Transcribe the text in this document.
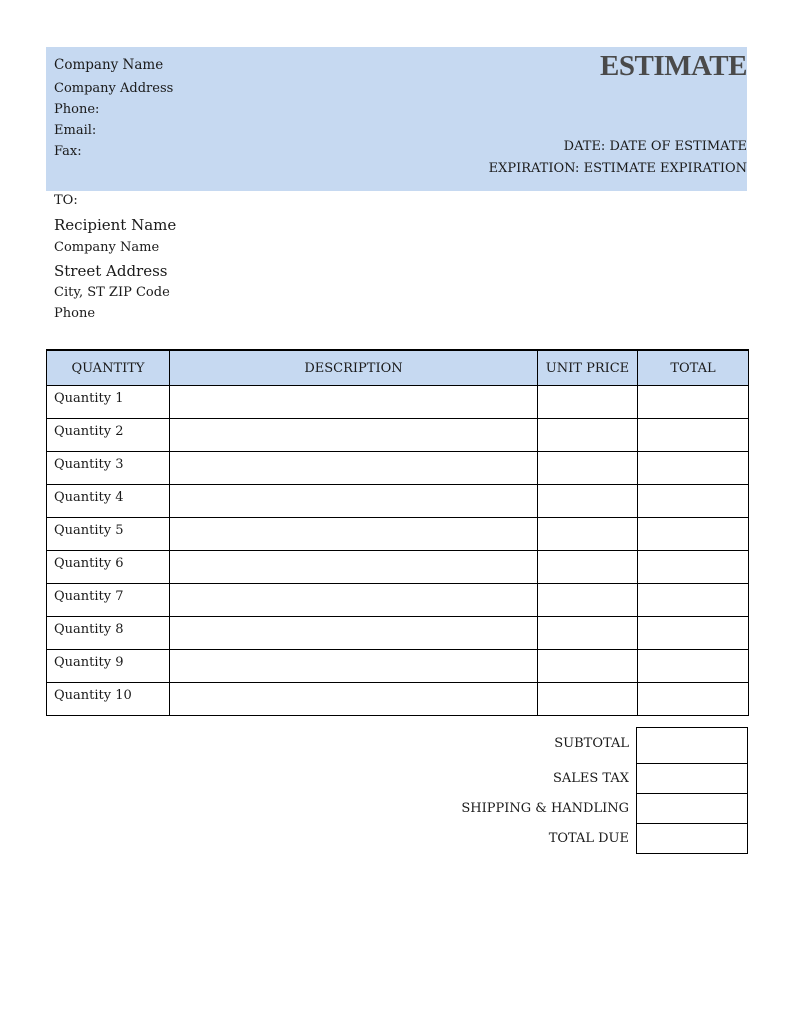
Company Name
Company Address
Phone:
Email:
Fax:
ESTIMATE
DATE: DATE OF ESTIMATE
EXPIRATION: ESTIMATE EXPIRATION
TO:
Recipient Name
Company Name
Street Address
City, ST ZIP Code
Phone
QUANTITY	DESCRIPTION	UNIT PRICE	TOTAL
Quantity 1			
Quantity 2			
Quantity 3			
Quantity 4			
Quantity 5			
Quantity 6			
Quantity 7			
Quantity 8			
Quantity 9			
Quantity 10			
SUBTOTAL
SALES TAX
SHIPPING & HANDLING
TOTAL DUE
